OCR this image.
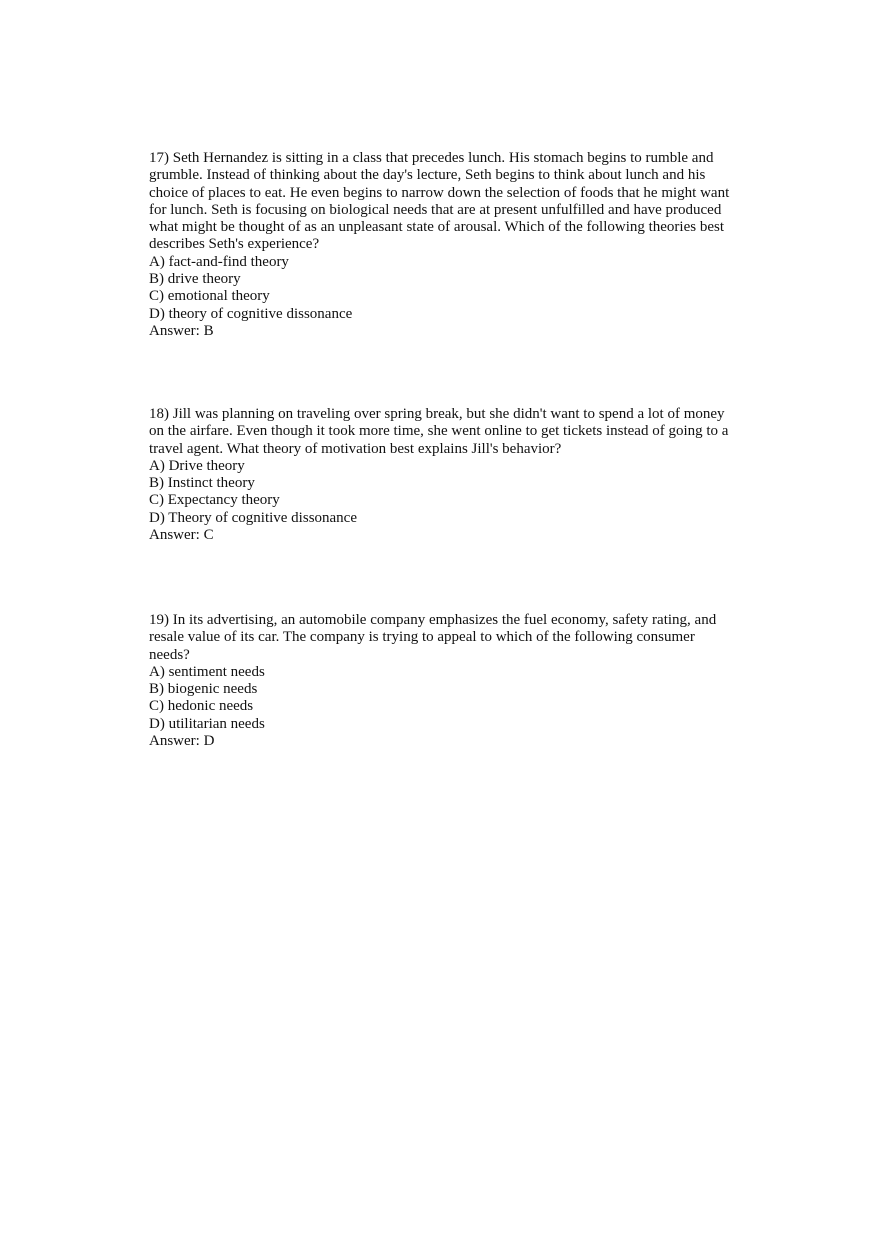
17) Seth Hernandez is sitting in a class that precedes lunch. His stomach begins to rumble and grumble. Instead of thinking about the day's lecture, Seth begins to think about lunch and his choice of places to eat. He even begins to narrow down the selection of foods that he might want for lunch. Seth is focusing on biological needs that are at present unfulfilled and have produced what might be thought of as an unpleasant state of arousal. Which of the following theories best describes Seth's experience?

A) fact-and-find theory
B) drive theory
C) emotional theory
D) theory of cognitive dissonance

Answer: B

18) Jill was planning on traveling over spring break, but she didn't want to spend a lot of money on the airfare. Even though it took more time, she went online to get tickets instead of going to a travel agent. What theory of motivation best explains Jill's behavior?

A) Drive theory
B) Instinct theory
C) Expectancy theory
D) Theory of cognitive dissonance

Answer: C

19) In its advertising, an automobile company emphasizes the fuel economy, safety rating, and resale value of its car. The company is trying to appeal to which of the following consumer needs?

A) sentiment needs
B) biogenic needs
C) hedonic needs
D) utilitarian needs

Answer: D
